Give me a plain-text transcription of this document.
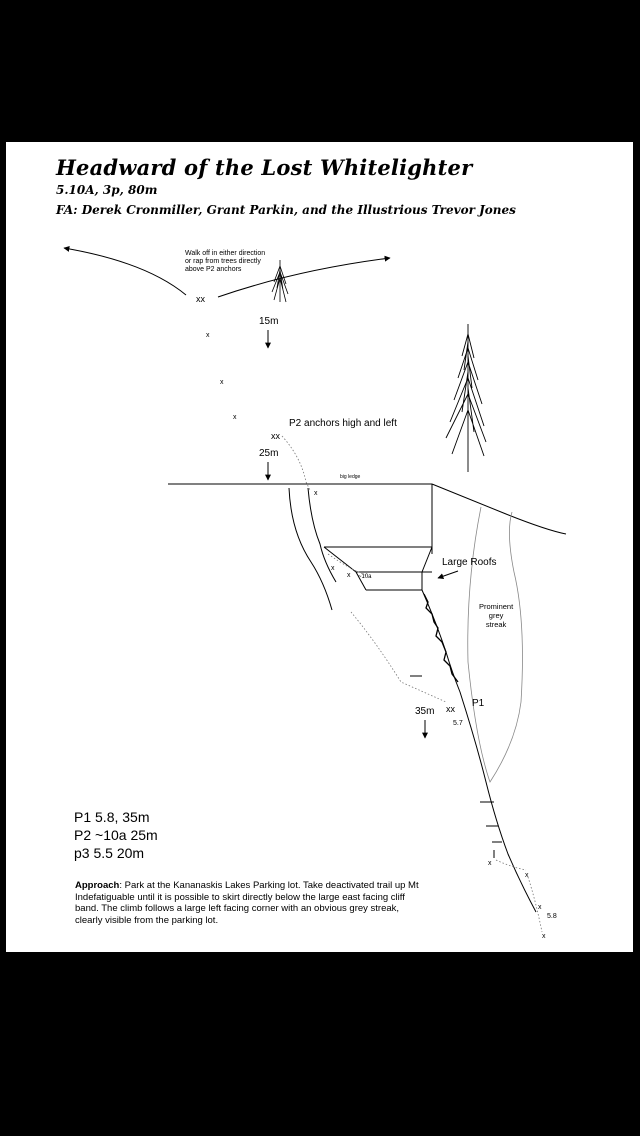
Headward of the Lost Whitelighter
5.10A, 3p, 80m
FA: Derek Cronmiller, Grant Parkin, and the Illustrious Trevor Jones
Walk off in either direction
or rap from trees directly
above P2 anchors
xx
15m
x
x
x
P2 anchors high and left
xx
25m
big ledge
x
x
x ~10a
Large Roofs
Prominent
grey
streak
xx P1
35m
5.7
x
x
x
5.8
x
P1 5.8, 35m
P2 ~10a 25m
p3 5.5 20m
Approach: Park at the Kananaskis Lakes Parking lot. Take deactivated trail up Mt Indefatiguable until it is possible to skirt directly below the large east facing cliff band. The climb follows a large left facing corner with an obvious grey streak, clearly visible from the parking lot.
